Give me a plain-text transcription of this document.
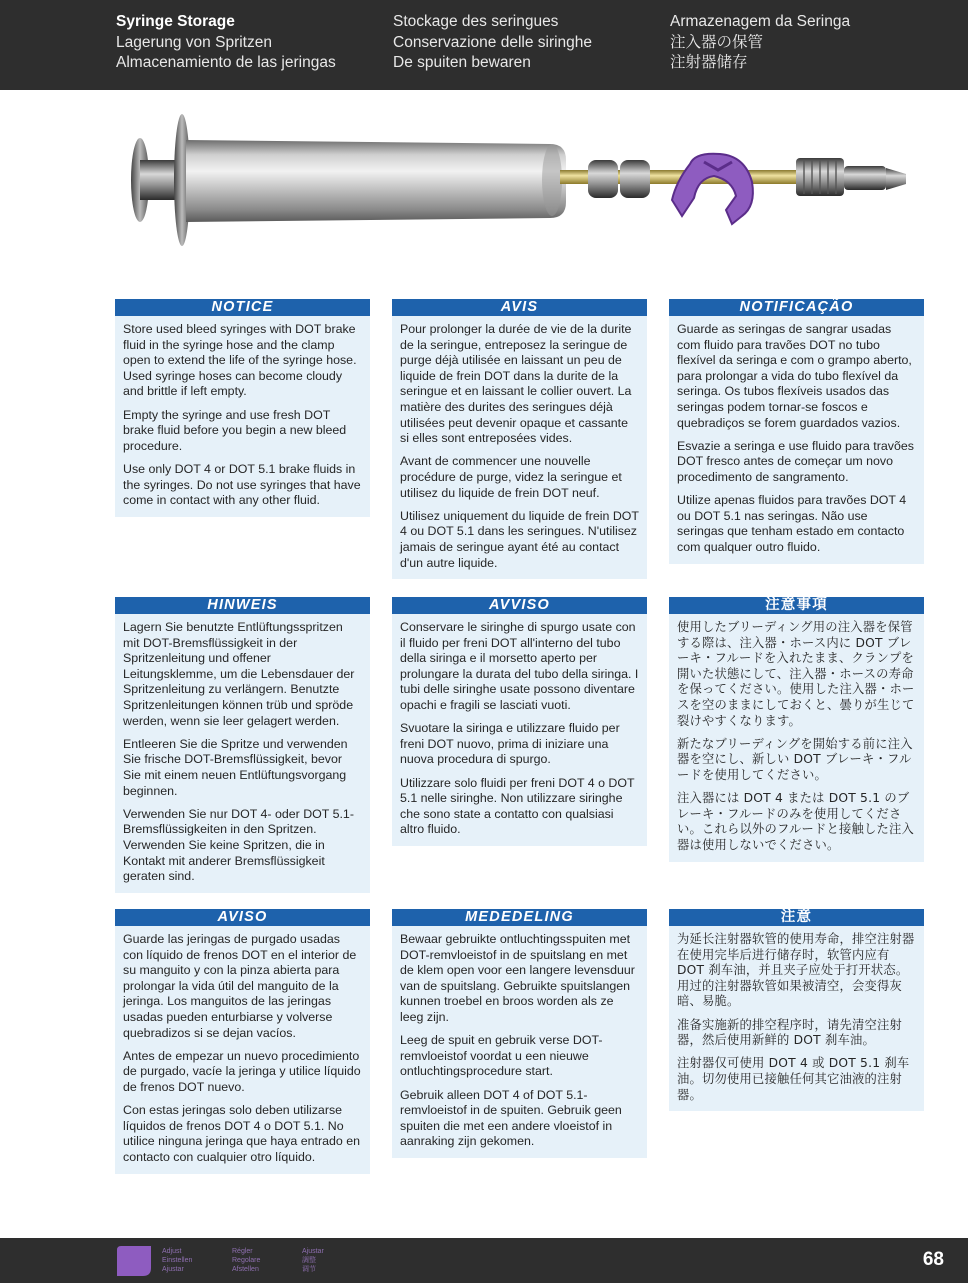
Syringe Storage
Lagerung von Spritzen
Almacenamiento de las jeringas
Stockage des seringues
Conservazione delle siringhe
De spuiten bewaren
Armazenagem da Seringa
注入器の保管
注射器储存
NOTICE

Store used bleed syringes with DOT brake fluid in the syringe hose and the clamp open to extend the life of the syringe hose. Used syringe hoses can become cloudy and brittle if left empty.

Empty the syringe and use fresh DOT brake fluid before you begin a new bleed procedure.

Use only DOT 4 or DOT 5.1 brake fluids in the syringes. Do not use syringes that have come in contact with any other fluid.

AVIS

Pour prolonger la durée de vie de la durite de la seringue, entreposez la seringue de purge déjà utilisée en laissant un peu de liquide de frein DOT dans la durite de la seringue et en laissant le collier ouvert. La matière des durites des seringues déjà utilisées peut devenir opaque et cassante si elles sont entreposées vides.

Avant de commencer une nouvelle procédure de purge, videz la seringue et utilisez du liquide de frein DOT neuf.

Utilisez uniquement du liquide de frein DOT 4 ou DOT 5.1 dans les seringues. N'utilisez jamais de seringue ayant été au contact d'un autre liquide.

NOTIFICAÇÃO

Guarde as seringas de sangrar usadas com fluido para travões DOT no tubo flexível da seringa e com o grampo aberto, para prolongar a vida do tubo flexível da seringa. Os tubos flexíveis usados das seringas podem tornar-se foscos e quebradiços se forem guardados vazios.

Esvazie a seringa e use fluido para travões DOT fresco antes de começar um novo procedimento de sangramento.

Utilize apenas fluidos para travões DOT 4 ou DOT 5.1 nas seringas. Não use seringas que tenham estado em contacto com qualquer outro fluido.

HINWEIS

Lagern Sie benutzte Entlüftungsspritzen mit DOT-Bremsflüssigkeit in der Spritzenleitung und offener Leitungsklemme, um die Lebensdauer der Spritzenleitung zu verlängern. Benutzte Spritzenleitungen können trüb und spröde werden, wenn sie leer gelagert werden.

Entleeren Sie die Spritze und verwenden Sie frische DOT-Bremsflüssigkeit, bevor Sie mit einem neuen Entlüftungsvorgang beginnen.

Verwenden Sie nur DOT 4- oder DOT 5.1-Bremsflüssigkeiten in den Spritzen. Verwenden Sie keine Spritzen, die in Kontakt mit anderer Bremsflüssigkeit geraten sind.

AVVISO

Conservare le siringhe di spurgo usate con il fluido per freni DOT all'interno del tubo della siringa e il morsetto aperto per prolungare la durata del tubo della siringa. I tubi delle siringhe usate possono diventare opachi e fragili se lasciati vuoti.

Svuotare la siringa e utilizzare fluido per freni DOT nuovo, prima di iniziare una nuova procedura di spurgo.

Utilizzare solo fluidi per freni DOT 4 o DOT 5.1 nelle siringhe. Non utilizzare siringhe che sono state a contatto con qualsiasi altro fluido.

注意事項

使用したブリーディング用の注入器を保管する際は、注入器・ホース内に DOT ブレーキ・フルードを入れたまま、クランプを開いた状態にして、注入器・ホースの寿命を保ってください。使用した注入器・ホースを空のままにしておくと、曇りが生じて裂けやすくなります。

新たなブリーディングを開始する前に注入器を空にし、新しい DOT ブレーキ・フルードを使用してください。

注入器には DOT 4 または DOT 5.1 のブレーキ・フルードのみを使用してください。これら以外のフルードと接触した注入器は使用しないでください。

AVISO

Guarde las jeringas de purgado usadas con líquido de frenos DOT en el interior de su manguito y con la pinza abierta para prolongar la vida útil del manguito de la jeringa. Los manguitos de las jeringas usadas pueden enturbiarse y volverse quebradizos si se dejan vacíos.

Antes de empezar un nuevo procedimiento de purgado, vacíe la jeringa y utilice líquido de frenos DOT nuevo.

Con estas jeringas solo deben utilizarse líquidos de frenos DOT 4 o DOT 5.1. No utilice ninguna jeringa que haya entrado en contacto con cualquier otro líquido.

MEDEDELING

Bewaar gebruikte ontluchtingsspuiten met DOT-remvloeistof in de spuitslang en met de klem open voor een langere levensduur van de spuitslang. Gebruikte spuitslangen kunnen troebel en broos worden als ze leeg zijn.

Leeg de spuit en gebruik verse DOT-remvloeistof voordat u een nieuwe ontluchtingsprocedure start.

Gebruik alleen DOT 4 of DOT 5.1-remvloeistof in de spuiten. Gebruik geen spuiten die met een andere vloeistof in aanraking zijn gekomen.

注意

为延长注射器软管的使用寿命，排空注射器在使用完毕后进行储存时，软管内应有 DOT 刹车油，并且夹子应处于打开状态。用过的注射器软管如果被清空，会变得灰暗、易脆。

准备实施新的排空程序时，请先清空注射器，然后使用新鲜的 DOT 刹车油。

注射器仅可使用 DOT 4 或 DOT 5.1 刹车油。切勿使用已接触任何其它油液的注射器。

Adjust
Einstellen
Ajustar
Régler
Regolare
Afstellen
Ajustar
調整
调节	68
